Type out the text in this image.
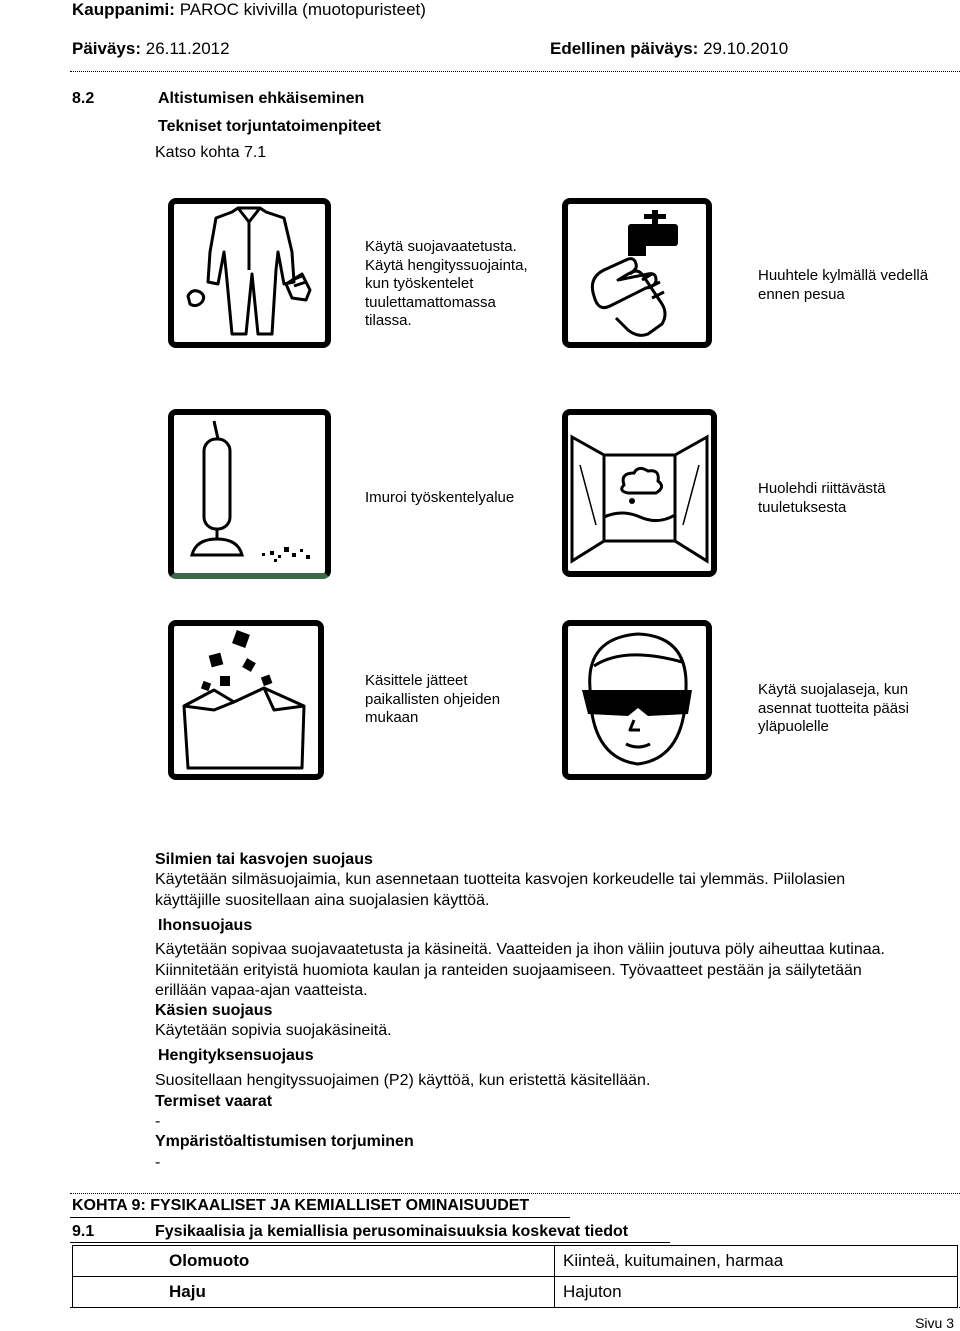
Kauppanimi: PAROC kivivilla (muotopuristeet)
Päiväys: 26.11.2012	Edellinen päiväys: 29.10.2010
8.2	Altistumisen ehkäiseminen
Tekniset torjuntatoimenpiteet
Katso kohta 7.1
Käytä suojavaatetusta.
Käytä hengityssuojainta,
kun työskentelet
tuulettamattomassa
tilassa.
Huuhtele kylmällä vedellä
ennen pesua
Imuroi työskentelyalue
Huolehdi riittävästä
tuuletuksesta
Käsittele jätteet
paikallisten ohjeiden
mukaan
Käytä suojalaseja, kun
asennat tuotteita pääsi
yläpuolelle
Silmien tai kasvojen suojaus
Käytetään silmäsuojaimia, kun asennetaan tuotteita kasvojen korkeudelle tai ylemmäs. Piilolasien
käyttäjille suositellaan aina suojalasien käyttöä.
Ihonsuojaus
Käytetään sopivaa suojavaatetusta ja käsineitä. Vaatteiden ja ihon väliin joutuva pöly aiheuttaa kutinaa.
Kiinnitetään erityistä huomiota kaulan ja ranteiden suojaamiseen. Työvaatteet pestään ja säilytetään
erillään vapaa-ajan vaatteista.
Käsien suojaus
Käytetään sopivia suojakäsineitä.
Hengityksensuojaus
Suositellaan hengityssuojaimen (P2) käyttöä, kun eristettä käsitellään.
Termiset vaarat
-
Ympäristöaltistumisen torjuminen
-
KOHTA 9: FYSIKAALISET JA KEMIALLISET OMINAISUUDET
9.1	Fysikaalisia ja kemiallisia perusominaisuuksia koskevat tiedot
	Olomuoto	Kiinteä, kuitumainen, harmaa
	Haju	Hajuton
Sivu 3
